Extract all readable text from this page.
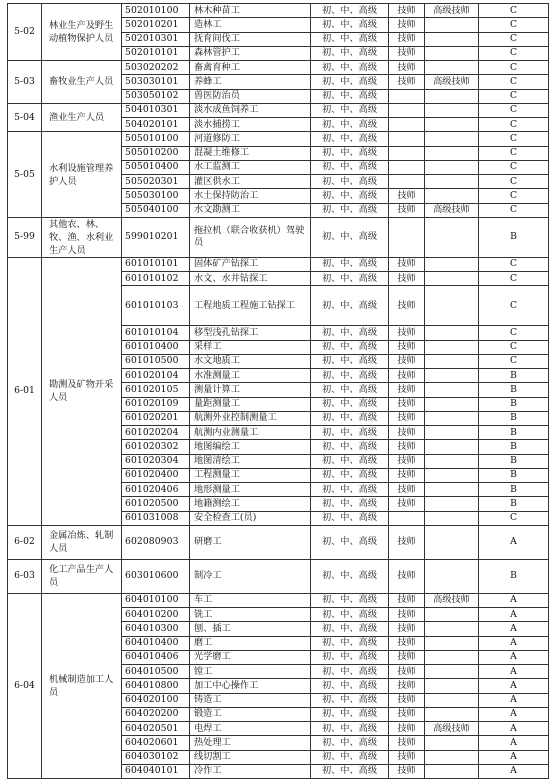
5-02	林业生产及野生动植物保护人员	502010100	林木种苗工	初、中、高级	技师	高级技师	C
		502010201	造林工	初、中、高级	技师		C
		502010301	抚育间伐工	初、中、高级	技师		C
		502010101	森林管护工	初、中、高级	技师		C
5-03	畜牧业生产人员	503020202	畜禽育种工	初、中、高级	技师		C
		503030101	养蜂工	初、中、高级	技师	高级技师	C
		503050102	兽医防治员	初、中、高级			C
5-04	渔业生产人员	504010301	淡水成鱼饲养工	初、中、高级			C
		504020101	淡水捕捞工	初、中、高级			C
5-05	水利设施管理养护人员	505010100	河道修防工	初、中、高级			C
		505010200	混凝土维修工	初、中、高级			C
		505010400	水工监测工	初、中、高级			C
		505020301	灌区供水工	初、中、高级			C
		505030100	水土保持防治工	初、中、高级	技师		C
		505040100	水文勘测工	初、中、高级	技师	高级技师	C
5-99	其他农、林、牧、渔、水利业生产人员	599010201	拖拉机（联合收获机）驾驶员	初、中、高级			B
6-01	勘测及矿物开采人员	601010101	固体矿产钻探工	初、中、高级	技师		C
		601010102	水文、水井钻探工	初、中、高级	技师		C
		601010103	工程地质工程施工钻探工	初、中、高级	技师		C
		601010104	移型浅孔钻探工	初、中、高级	技师		C
		601010400	采样工	初、中、高级	技师		C
		601010500	水文地质工	初、中、高级	技师		C
		601020104	水准测量工	初、中、高级	技师		B
		601020105	测量计算工	初、中、高级	技师		B
		601020109	量距测量工	初、中、高级	技师		B
		601020201	航测外业控制测量工	初、中、高级	技师		B
		601020204	航测内业测量工	初、中、高级	技师		B
		601020302	地图编绘工	初、中、高级	技师		B
		601020304	地图清绘工	初、中、高级	技师		B
		601020400	工程测量工	初、中、高级	技师		B
		601020406	地形测量工	初、中、高级	技师		B
		601020500	地籍测绘工	初、中、高级	技师		B
		601031008	安全检查工(员)	初、中、高级			C
6-02	金属冶炼、轧制人员	602080903	研磨工	初、中、高级	技师		A
6-03	化工产品生产人员	603010600	制冷工	初、中、高级	技师		B
6-04	机械制造加工人员	604010100	车工	初、中、高级	技师	高级技师	A
		604010200	铣工	初、中、高级	技师		A
		604010300	刨、插工	初、中、高级	技师		A
		604010400	磨工	初、中、高级	技师		A
		604010406	光学磨工	初、中、高级	技师		A
		604010500	镗工	初、中、高级	技师		A
		604010800	加工中心操作工	初、中、高级	技师		A
		604020100	铸造工	初、中、高级	技师		A
		604020200	锻造工	初、中、高级	技师		A
		604020501	电焊工	初、中、高级	技师	高级技师	A
		604020601	热处理工	初、中、高级	技师		A
		604030102	线切割工	初、中、高级	技师		A
		604040101	冷作工	初、中、高级	技师		A
